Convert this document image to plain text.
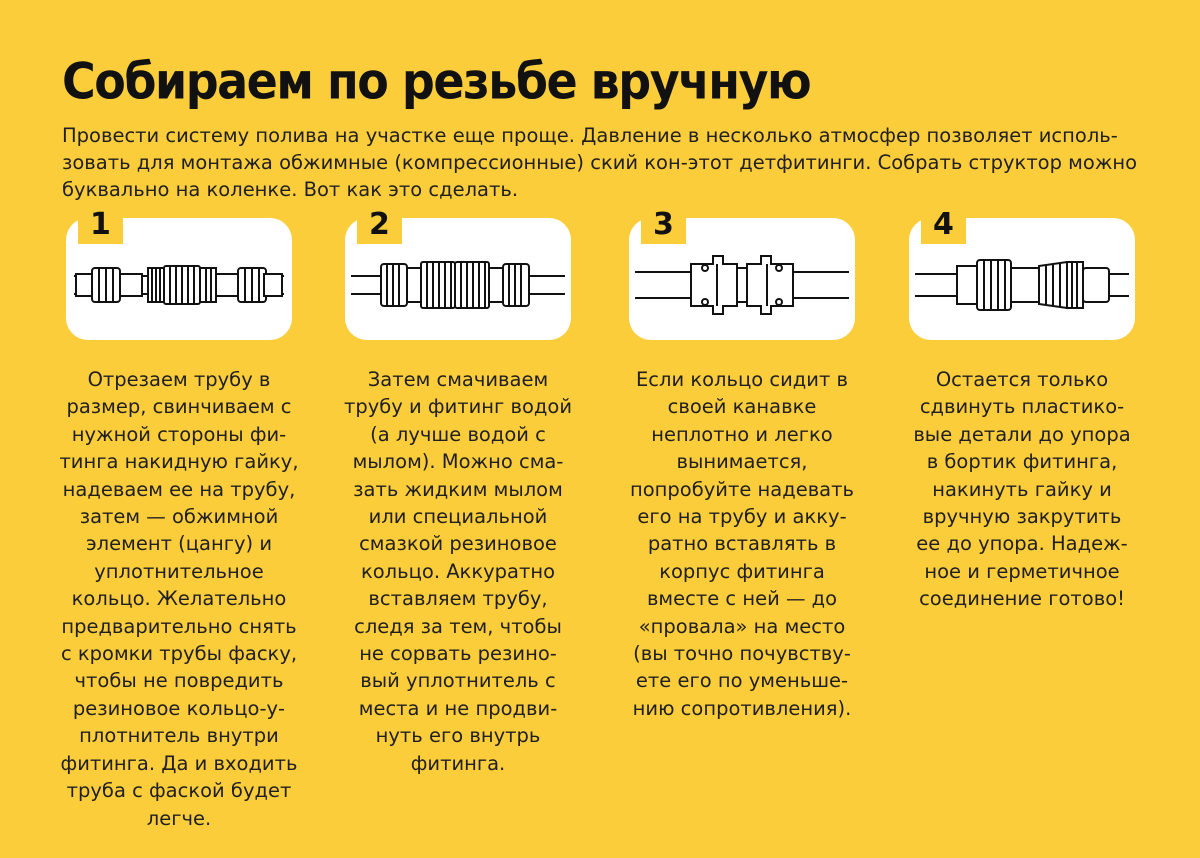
Собираем по резьбе вручную
Провести систему полива на участке еще проще. Давление в несколько атмосфер позволяет исполь-
зовать для монтажа обжимные (компрессионные) ский кон-этот детфитинги. Собрать структор можно
буквально на коленке. Вот как это сделать.
1	2	3	4
Отрезаем трубу в
размер, свинчиваем с
нужной стороны фи-
тинга накидную гайку,
надеваем ее на трубу,
затем — обжимной
элемент (цангу) и
уплотнительное
кольцо. Желательно
предварительно снять
с кромки трубы фаску,
чтобы не повредить
резиновое кольцо-у-
плотнитель внутри
фитинга. Да и входить
труба с фаской будет
легче.
Затем смачиваем
трубу и фитинг водой
(а лучше водой с
мылом). Можно сма-
зать жидким мылом
или специальной
смазкой резиновое
кольцо. Аккуратно
вставляем трубу,
следя за тем, чтобы
не сорвать резино-
вый уплотнитель с
места и не продви-
нуть его внутрь
фитинга.
Если кольцо сидит в
своей канавке
неплотно и легко
вынимается,
попробуйте надевать
его на трубу и акку-
ратно вставлять в
корпус фитинга
вместе с ней — до
«провала» на место
(вы точно почувству-
ете его по уменьше-
нию сопротивления).
Остается только
сдвинуть пластико-
вые детали до упора
в бортик фитинга,
накинуть гайку и
вручную закрутить
ее до упора. Надеж-
ное и герметичное
соединение готово!
